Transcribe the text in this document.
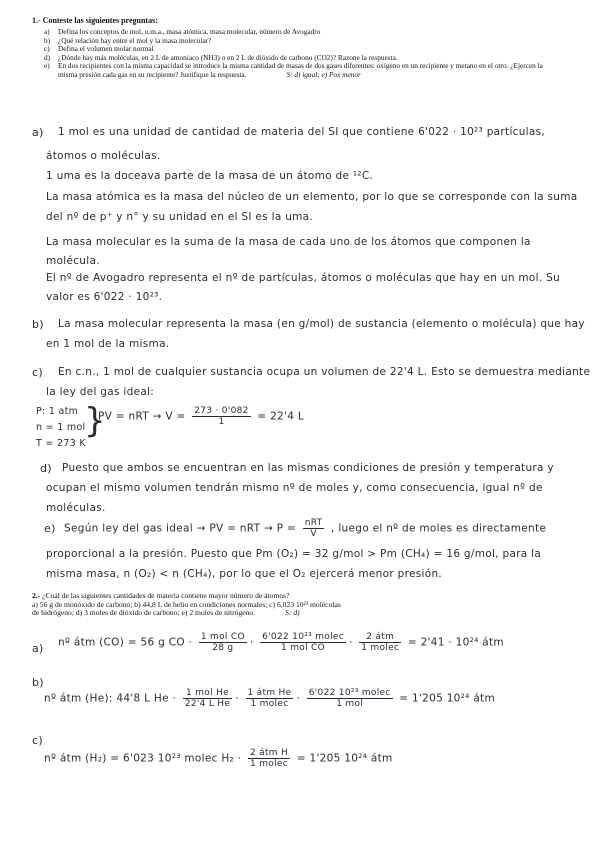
1.- Conteste las siguientes preguntas:
a)	Defina los conceptos de mol, u.m.a., masa atómica, masa molecular, número de Avogadro
b)	¿Qué relación hay entre el mol y la masa molecular?
c)	Defina el volumen molar normal
d)	¿Dónde hay más moléculas, en 2 L de amoniaco (NH3) o en 2 L de dióxido de carbono (CO2)? Razone la respuesta.
e)	En dos recipientes con la misma capacidad se introduce la misma cantidad de masas de dos gases diferentes: oxígeno en un recipiente y metano en el otro. ¿Ejercen la misma presión cada gas en su recipiente? Justifique la respuesta.	S: d) igual; e) Pox menor
a) 1 mol es una unidad de cantidad de materia del SI que contiene 6'022 · 10²³ partículas,
átomos o moléculas.
1 uma es la doceava parte de la masa de un átomo de ¹²C.
La masa atómica es la masa del núcleo de un elemento, por lo que se corresponde con la suma
del nº de p⁺ y n° y su unidad en el SI es la uma.
La masa molecular es la suma de la masa de cada uno de los átomos que componen la
molécula.
El nº de Avogadro representa el nº de partículas, átomos o moléculas que hay en un mol. Su
valor es 6'022 · 10²³.
b) La masa molecular representa la masa (en g/mol) de sustancia (elemento o molécula) que hay
en 1 mol de la misma.
c) En c.n., 1 mol de cualquier sustancia ocupa un volumen de 22'4 L. Esto se demuestra mediante
la ley del gas ideal:
P: 1 atm
n = 1 mol
T = 273 K
}
PV = nRT → $V = \frac{273 \cdot 0'082}{1} = 22'4$ L
d) Puesto que ambos se encuentran en las mismas condiciones de presión y temperatura y
ocupan el mismo volumen tendrán mismo nº de moles y, como consecuencia, igual nº de
moléculas.
e) Según ley del gas ideal → PV = nRT → $P = \frac{\text{nRT}}{V}$ , luego el nº de moles es directamente
proporcional a la presión. Puesto que Pm (O₂) = 32 g/mol > Pm (CH₄) = 16 g/mol, para la
misma masa, n (O₂) < n (CH₄), por lo que el O₂ ejercerá menor presión.
2.- ¿Cuál de las siguientes cantidades de materia contiene mayor número de átomos?
a) 56 g de monóxido de carbono; b) 44,8 L de helio en condiciones normales; c) 6,023 10²³ moléculas
de hidrógeno; d) 3 moles de dióxido de carbono; e) 2 moles de nitrógeno.	S: d)
a) nº átm (CO) = 56 g CO · $\frac{\text{1 mol CO}}{28 g} \cdot \frac{\text{6'022 10²³ molec}}{\text{1 mol CO}} \cdot \frac{\text{2 átm}}{\text{1 molec}} = 2'41 \cdot 10^{24}$ átm
b)
nº átm (He): 44'8 L $He \cdot \frac{\text{1 mol He}}{\text{22'4 L He}} \cdot \frac{\text{1 átm He}}{\text{1 molec}} \cdot \frac{\text{6'022 10²³ molec}}{\text{1 mol}} = 1'205$ 10²⁴ átm
c)
nº átm (H₂) = 6'023 10²³ molec $H_2 \cdot \frac{\text{2 átm H}}{\text{1 molec}} = 1'205$ 10²⁴ átm
